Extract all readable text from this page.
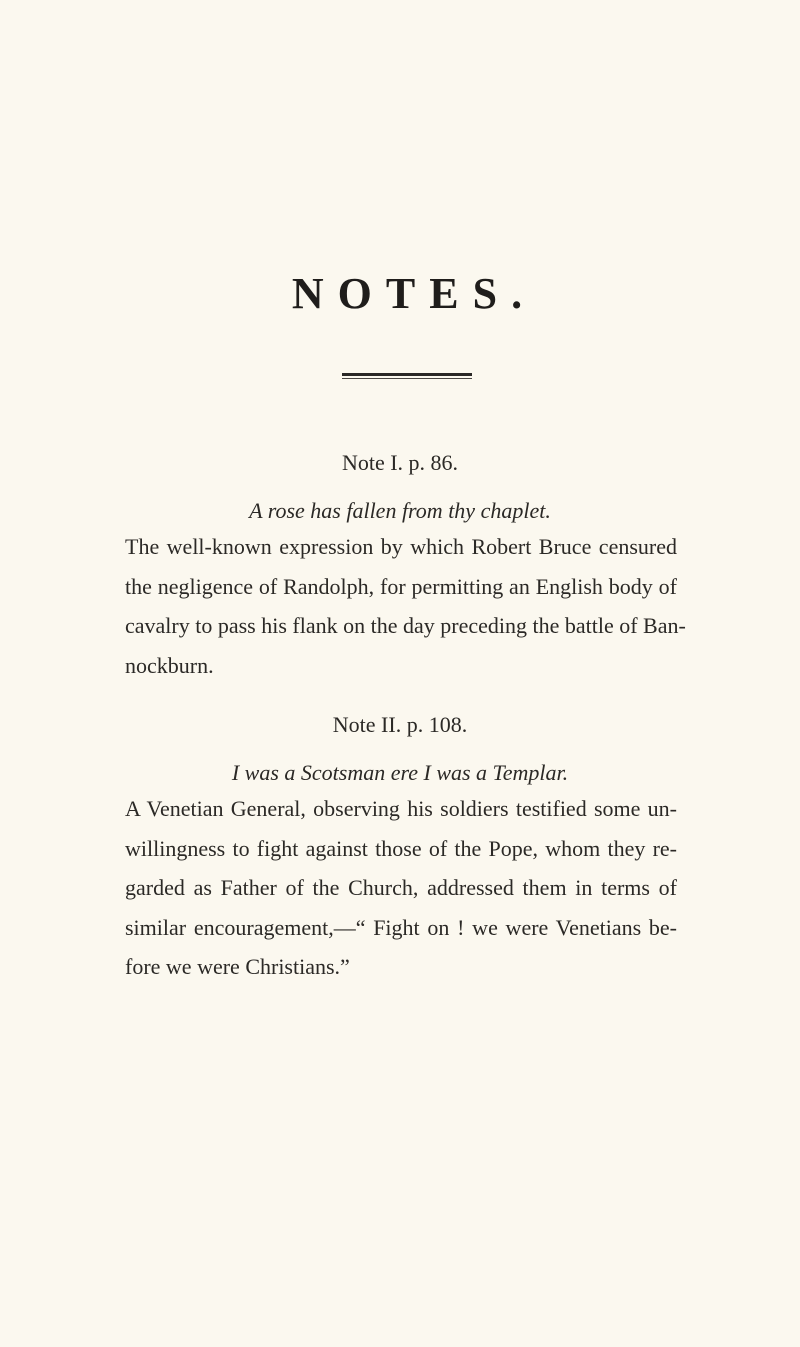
NOTES.
Note I. p. 86.
A rose has fallen from thy chaplet.
The well-known expression by which Robert Bruce censured
the negligence of Randolph, for permitting an English body of
cavalry to pass his flank on the day preceding the battle of Ban-
nockburn.
Note II. p. 108.
I was a Scotsman ere I was a Templar.
A Venetian General, observing his soldiers testified some un-
willingness to fight against those of the Pope, whom they re-
garded as Father of the Church, addressed them in terms of
similar encouragement,—“ Fight on ! we were Venetians be-
fore we were Christians.”
